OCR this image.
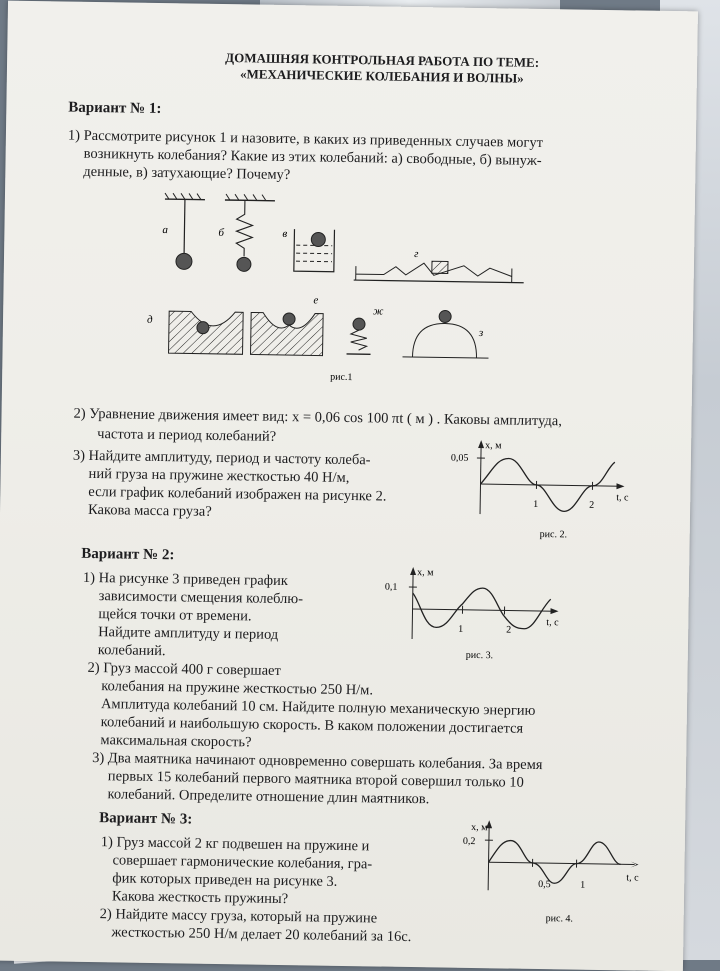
ДОМАШНЯЯ КОНТРОЛЬНАЯ РАБОТА ПО ТЕМЕ:
«МЕХАНИЧЕСКИЕ КОЛЕБАНИЯ И ВОЛНЫ»
Вариант № 1:
1) Рассмотрите рисунок 1 и назовите, в каких из приведенных случаев могут
возникнуть колебания? Какие из этих колебаний: а) свободные, б) вынуж-
денные, в) затухающие? Почему?
а	б	в
г
д
е
ж
з
рис.1
2) Уравнение движения имеет вид: x = 0,06 cos 100 πt ( м ) . Каковы амплитуда,
частота и период колебаний?
3) Найдите амплитуду, период и частоту колеба-
ний груза на пружине жесткостью 40 Н/м,
если график колебаний изображен на рисунке 2.
Какова масса груза?
x, м
0,05
t, c
1	2
рис. 2.
Вариант № 2:
1) На рисунке 3 приведен график
зависимости смещения колеблю-
щейся точки от времени.
Найдите амплитуду и период
колебаний.
x, м
0,1
t, c
1	2
рис. 3.
2) Груз массой 400 г совершает
колебания на пружине жесткостью 250 Н/м.
Амплитуда колебаний 10 см. Найдите полную механическую энергию
колебаний и наибольшую скорость. В каком положении достигается
максимальная скорость?
3) Два маятника начинают одновременно совершать колебания. За время
первых 15 колебаний первого маятника второй совершил только 10
колебаний. Определите отношение длин маятников.
Вариант № 3:
1) Груз массой 2 кг подвешен на пружине и
совершает гармонические колебания, гра-
фик которых приведен на рисунке 3.
Какова жесткость пружины?
2) Найдите массу груза, который на пружине
жесткостью 250 Н/м делает 20 колебаний за 16с.
x, м
0,2
t, c
0,5	1
рис. 4.
